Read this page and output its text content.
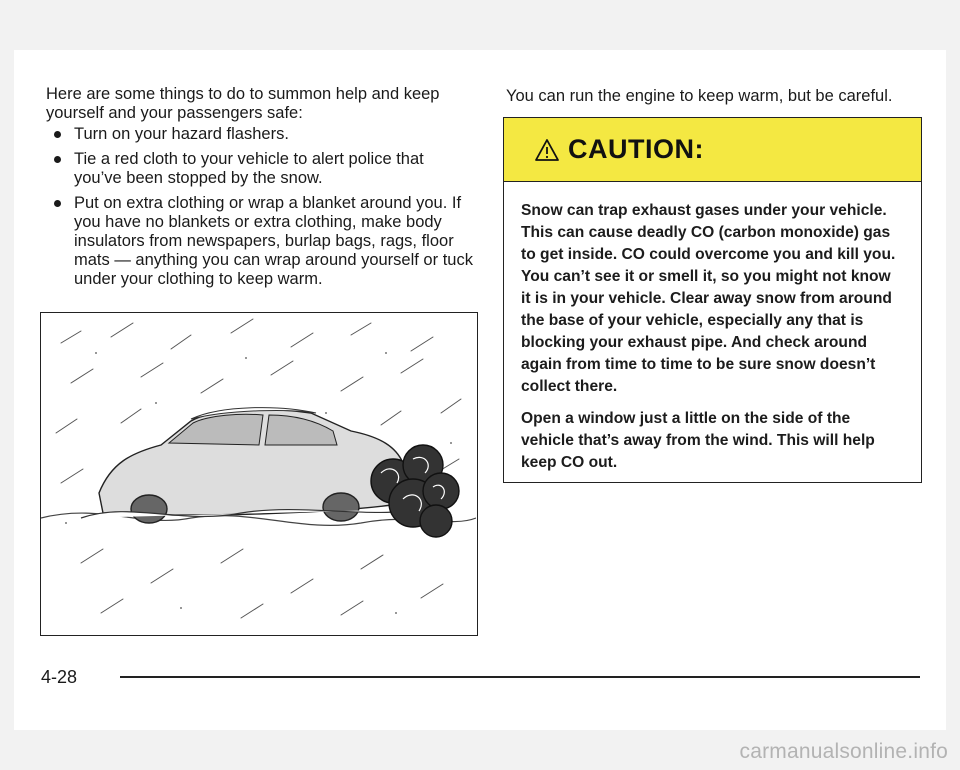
Here are some things to do to summon help and keep yourself and your passengers safe:

Turn on your hazard flashers.
Tie a red cloth to your vehicle to alert police that you’ve been stopped by the snow.
Put on extra clothing or wrap a blanket around you. If you have no blankets or extra clothing, make body insulators from newspapers, burlap bags, rags, floor mats — anything you can wrap around yourself or tuck under your clothing to keep warm.

You can run the engine to keep warm, but be careful.

CAUTION:

Snow can trap exhaust gases under your vehicle. This can cause deadly CO (carbon monoxide) gas to get inside. CO could overcome you and kill you. You can’t see it or smell it, so you might not know it is in your vehicle. Clear away snow from around the base of your vehicle, especially any that is blocking your exhaust pipe. And check around again from time to time to be sure snow doesn’t collect there.

Open a window just a little on the side of the vehicle that’s away from the wind. This will help keep CO out.

4-28
carmanualsonline.info
